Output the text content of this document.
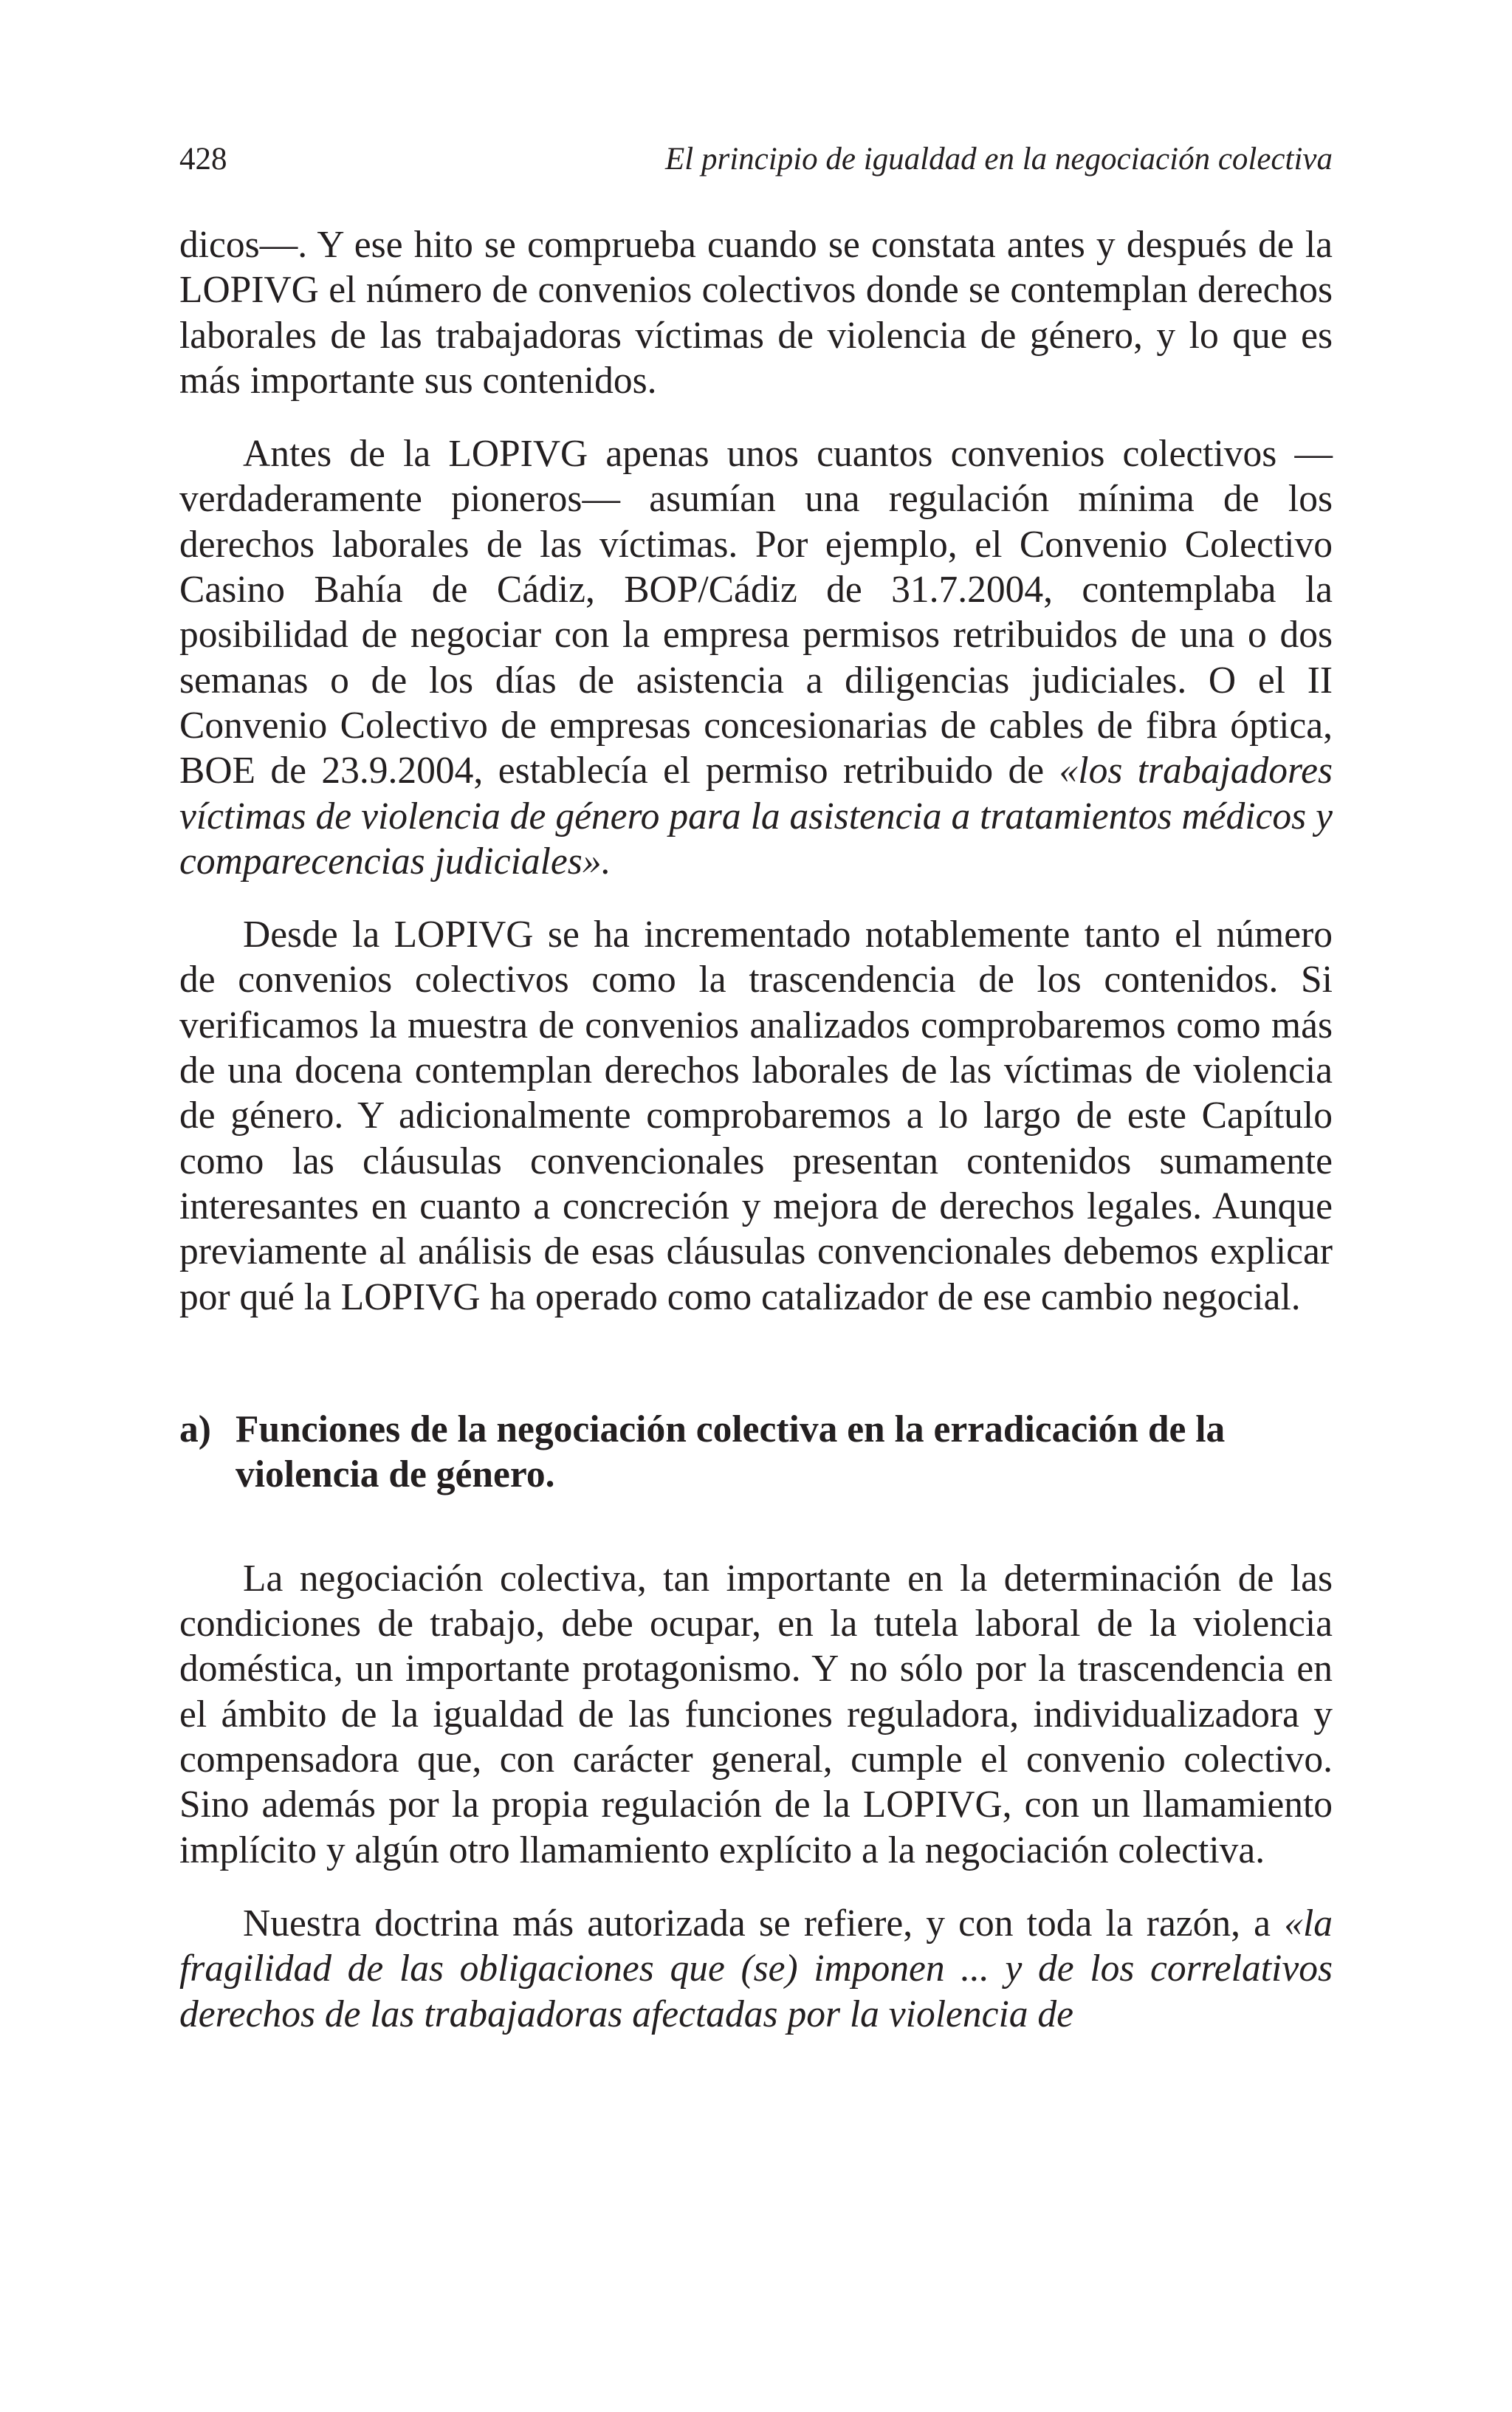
428	El principio de igualdad en la negociación colectiva

dicos—. Y ese hito se comprueba cuando se constata antes y después de la LOPIVG el número de convenios colectivos donde se contemplan derechos laborales de las trabajadoras víctimas de violencia de género, y lo que es más importante sus contenidos.

Antes de la LOPIVG apenas unos cuantos convenios colectivos —verdaderamente pioneros— asumían una regulación mínima de los derechos laborales de las víctimas. Por ejemplo, el Convenio Colectivo Casino Bahía de Cádiz, BOP/Cádiz de 31.7.2004, contemplaba la posibilidad de negociar con la empresa permisos retribuidos de una o dos semanas o de los días de asistencia a diligencias judiciales. O el II Convenio Colectivo de empresas concesionarias de cables de fibra óptica, BOE de 23.9.2004, establecía el permiso retribuido de «los trabajadores víctimas de violencia de género para la asistencia a tratamientos médicos y comparecencias judiciales».

Desde la LOPIVG se ha incrementado notablemente tanto el número de convenios colectivos como la trascendencia de los contenidos. Si verificamos la muestra de convenios analizados comprobaremos como más de una docena contemplan derechos laborales de las víctimas de violencia de género. Y adicionalmente comprobaremos a lo largo de este Capítulo como las cláusulas convencionales presentan contenidos sumamente interesantes en cuanto a concreción y mejora de derechos legales. Aunque previamente al análisis de esas cláusulas convencionales debemos explicar por qué la LOPIVG ha operado como catalizador de ese cambio negocial.

a) Funciones de la negociación colectiva en la erradicación de la violencia de género.

La negociación colectiva, tan importante en la determinación de las condiciones de trabajo, debe ocupar, en la tutela laboral de la violencia doméstica, un importante protagonismo. Y no sólo por la trascendencia en el ámbito de la igualdad de las funciones reguladora, individualizadora y compensadora que, con carácter general, cumple el convenio colectivo. Sino además por la propia regulación de la LOPIVG, con un llamamiento implícito y algún otro llamamiento explícito a la negociación colectiva.

Nuestra doctrina más autorizada se refiere, y con toda la razón, a «la fragilidad de las obligaciones que (se) imponen ... y de los correlativos derechos de las trabajadoras afectadas por la violencia de
